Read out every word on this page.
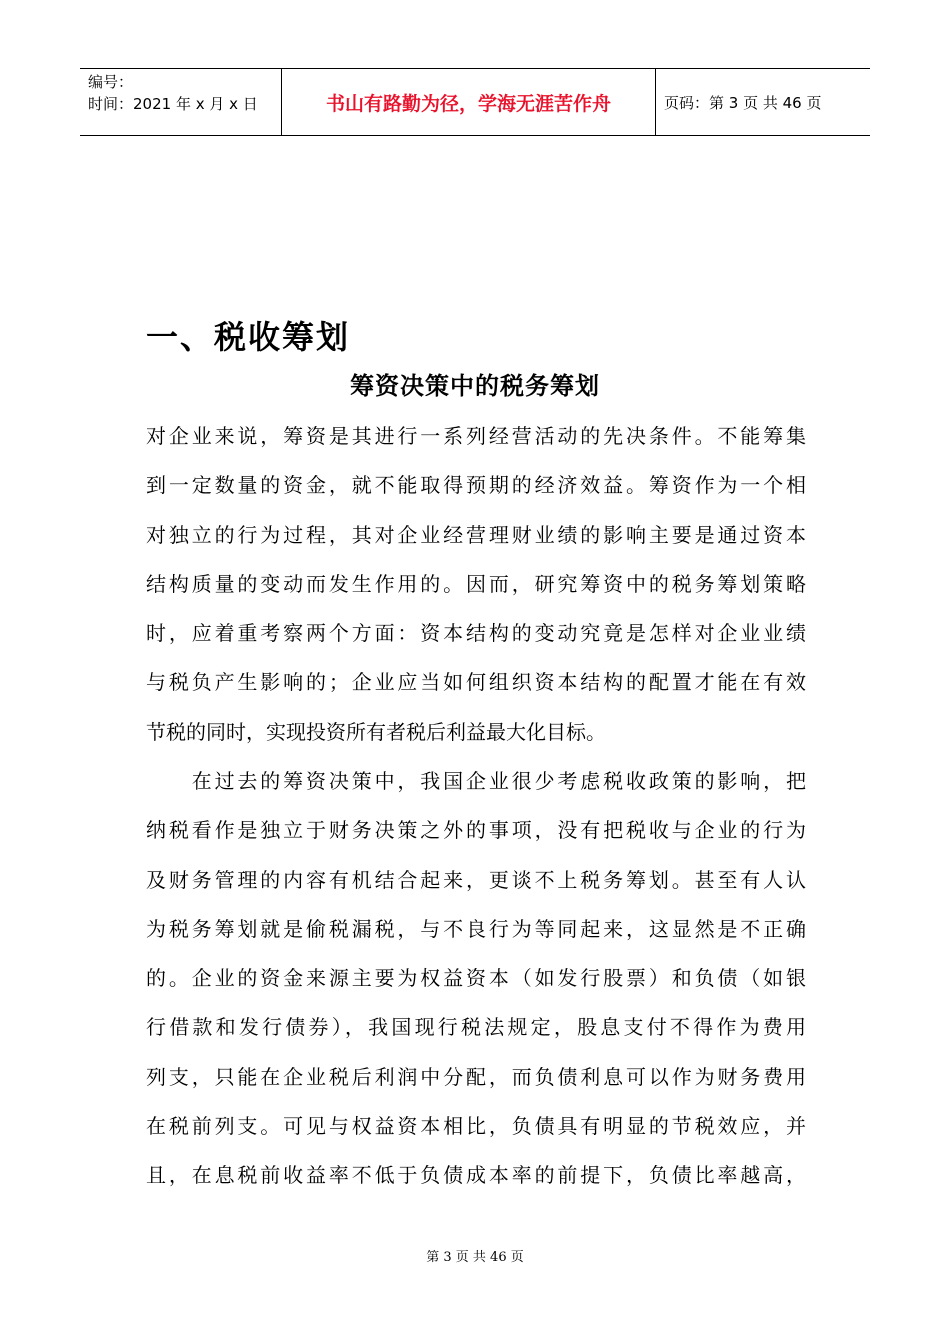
编号：
时间：2021 年 x 月 x 日	书山有路勤为径，学海无涯苦作舟	页码：第 3 页 共 46 页
一、税收筹划
筹资决策中的税务筹划
对企业来说，筹资是其进行一系列经营活动的先决条件。不能筹集
到一定数量的资金，就不能取得预期的经济效益。筹资作为一个相
对独立的行为过程，其对企业经营理财业绩的影响主要是通过资本
结构质量的变动而发生作用的。因而，研究筹资中的税务筹划策略
时，应着重考察两个方面：资本结构的变动究竟是怎样对企业业绩
与税负产生影响的；企业应当如何组织资本结构的配置才能在有效
节税的同时，实现投资所有者税后利益最大化目标。
　　在过去的筹资决策中，我国企业很少考虑税收政策的影响，把
纳税看作是独立于财务决策之外的事项，没有把税收与企业的行为
及财务管理的内容有机结合起来，更谈不上税务筹划。甚至有人认
为税务筹划就是偷税漏税，与不良行为等同起来，这显然是不正确
的。企业的资金来源主要为权益资本（如发行股票）和负债（如银
行借款和发行债券），我国现行税法规定，股息支付不得作为费用
列支，只能在企业税后利润中分配，而负债利息可以作为财务费用
在税前列支。可见与权益资本相比，负债具有明显的节税效应，并
且，在息税前收益率不低于负债成本率的前提下，负债比率越高，
第 3 页 共 46 页
